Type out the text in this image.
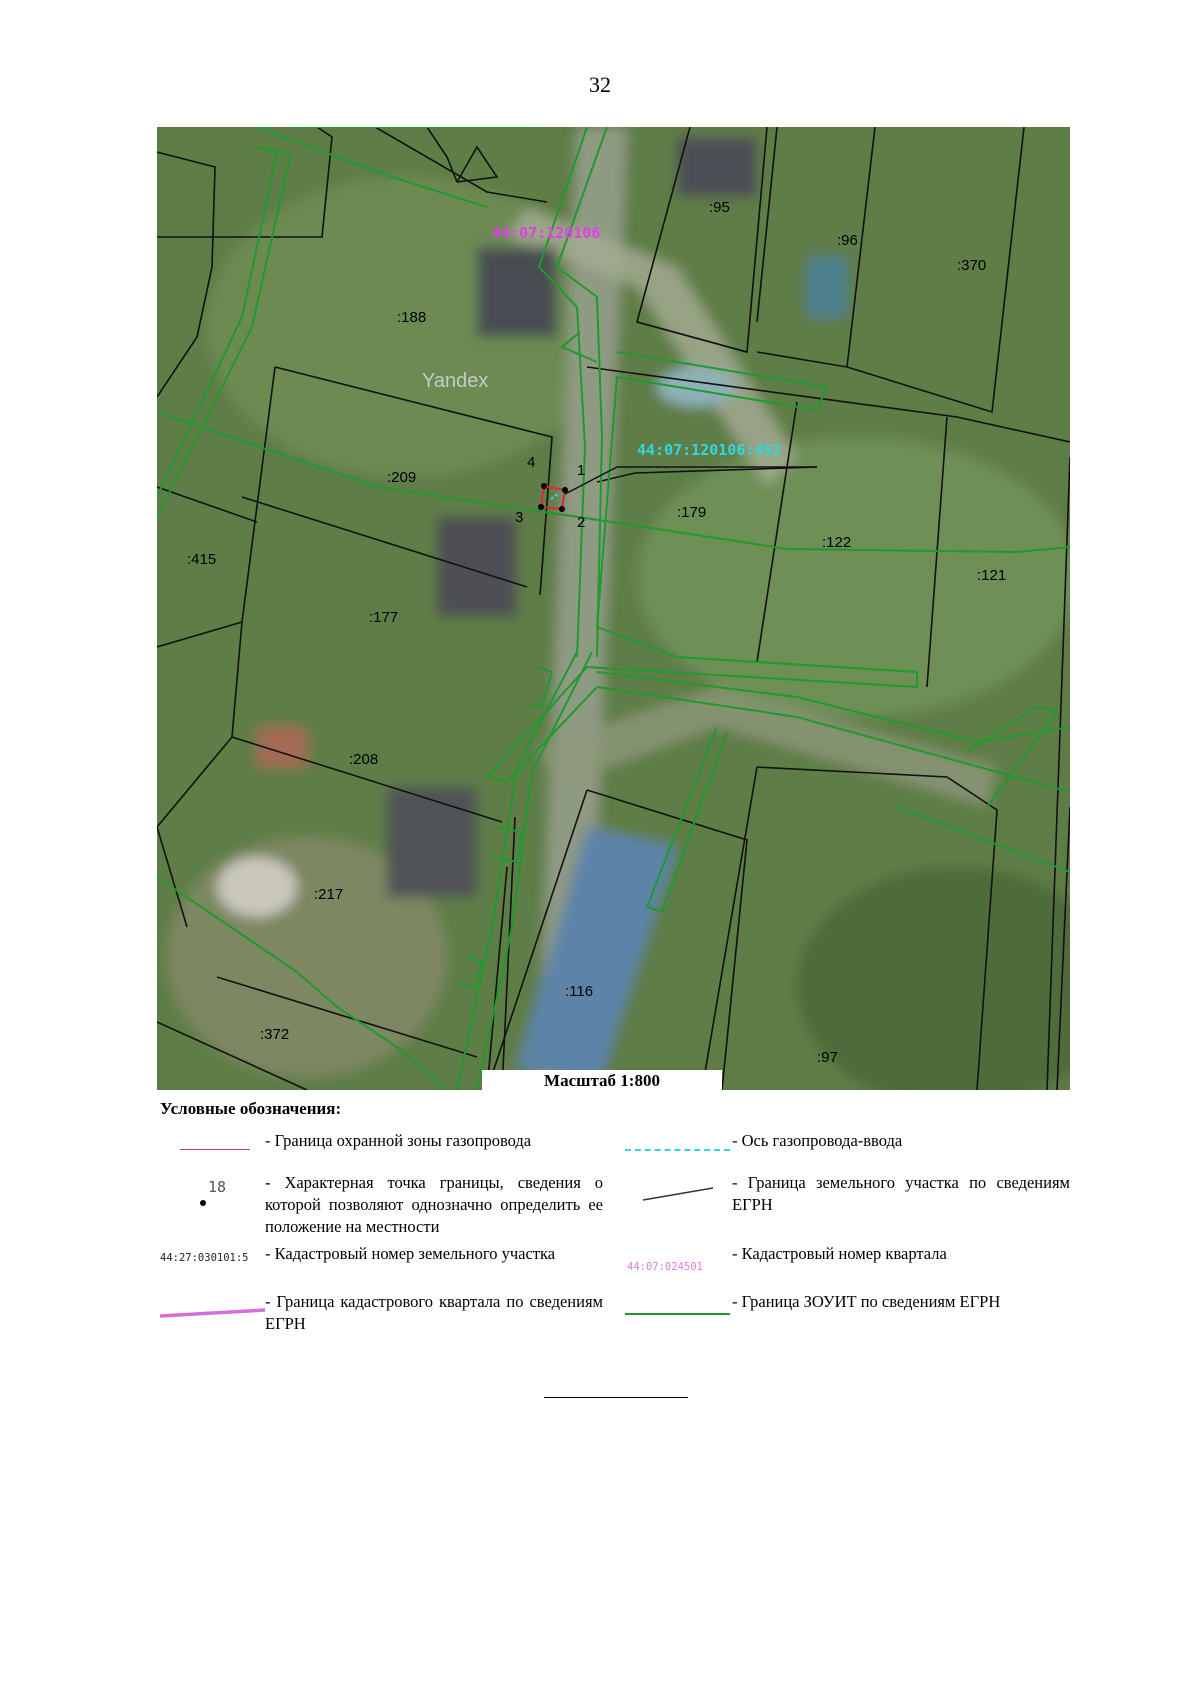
32
1
2
3
4
44:07:120106
44:07:120106:452
Yandex
:95
:96
:370
:188
:209
:179
:122
:121
:415
:177
:208
:217
:116
:372
:97
Масштаб 1:800
Условные обозначения:
- Граница охранной зоны газопровода	- Ось газопровода-ввода
18 - Характерная точка границы, сведения о которой позволяют однозначно определить ее положение на местности
- Граница земельного участка по сведениям ЕГРН
44:27:030101:5 - Кадастровый номер земельного участка
44:07:024501
- Кадастровый номер квартала
- Граница кадастрового квартала по сведениям ЕГРН
- Граница ЗОУИТ по сведениям ЕГРН
